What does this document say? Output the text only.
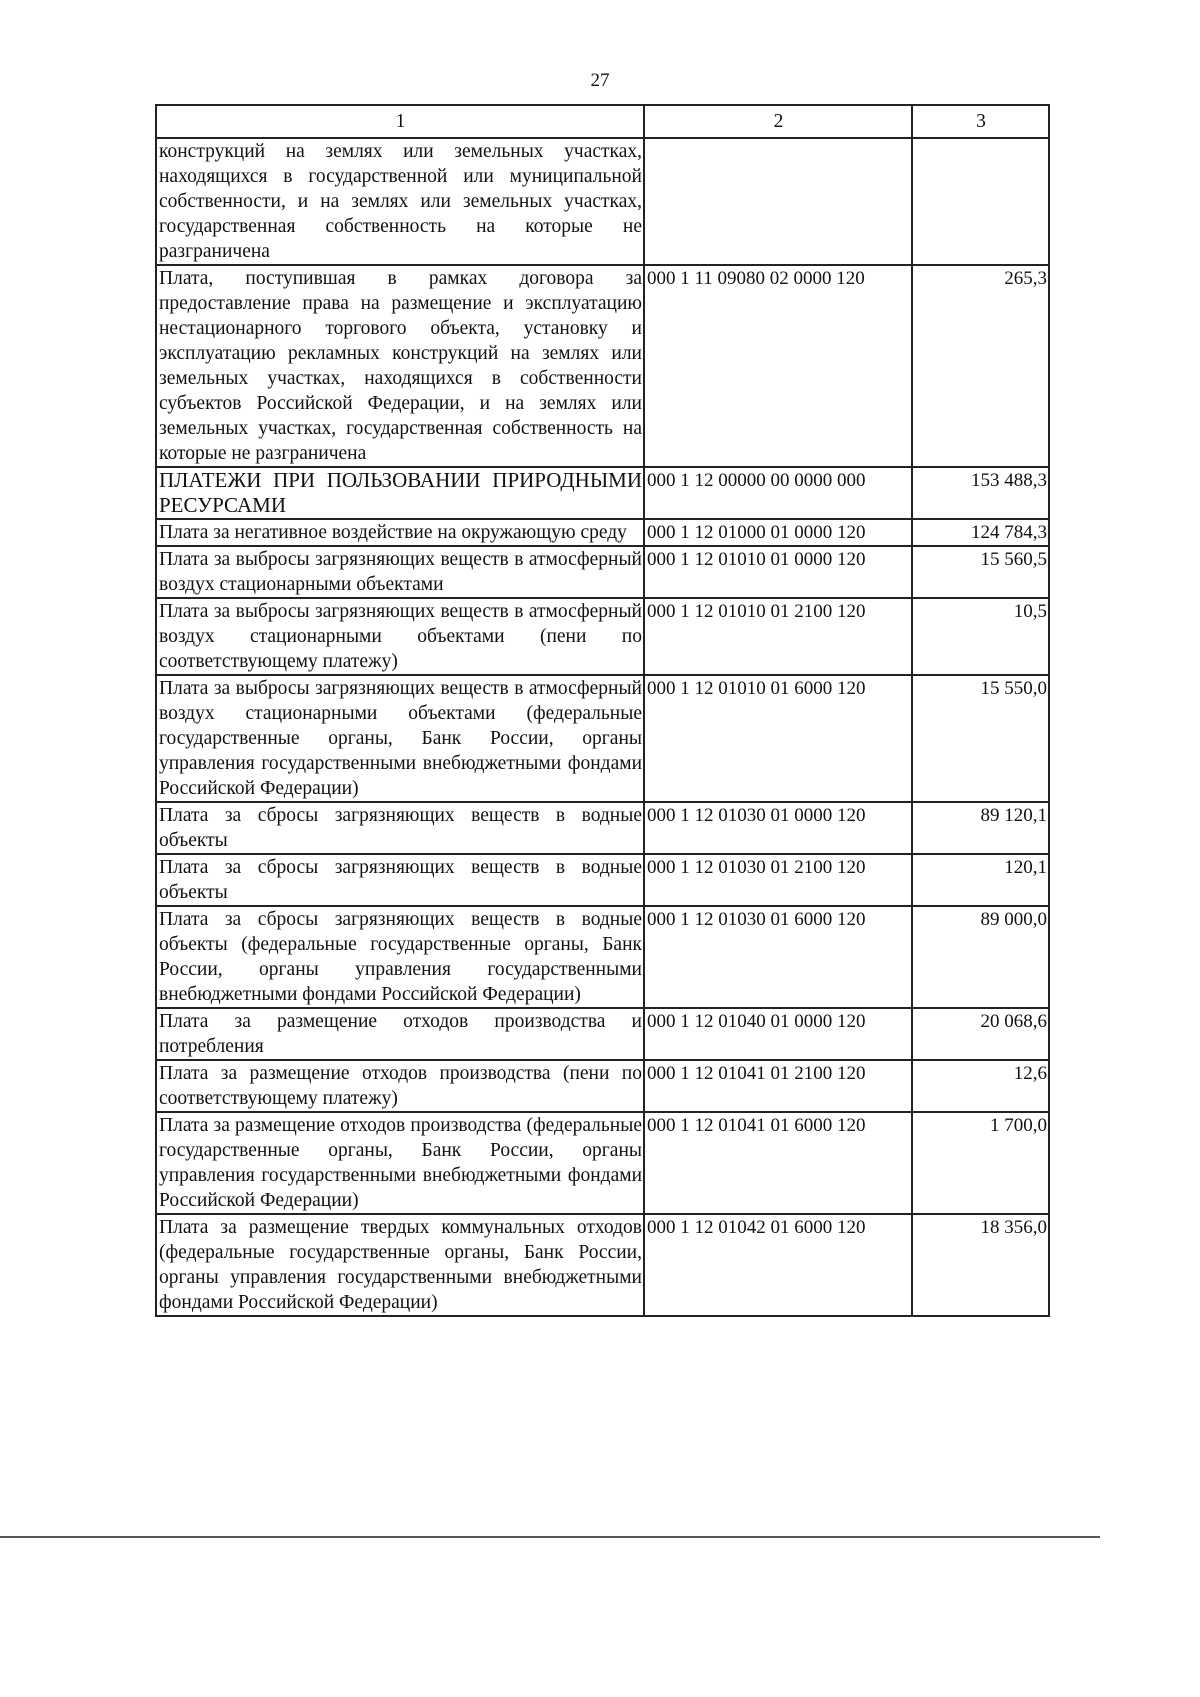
27
1	2	3
конструкций на землях или земельных участках, находящихся в государственной или муниципальной собственности, и на землях или земельных участках, государственная собственность на которые не разграничена		
Плата, поступившая в рамках договора за предоставление права на размещение и эксплуатацию нестационарного торгового объекта, установку и эксплуатацию рекламных конструкций на землях или земельных участках, находящихся в собственности субъектов Российской Федерации, и на землях или земельных участках, государственная собственность на которые не разграничена	000 1 11 09080 02 0000 120	265,3
ПЛАТЕЖИ ПРИ ПОЛЬЗОВАНИИ ПРИРОДНЫМИ РЕСУРСАМИ	000 1 12 00000 00 0000 000	153 488,3
Плата за негативное воздействие на окружающую среду	000 1 12 01000 01 0000 120	124 784,3
Плата за выбросы загрязняющих веществ в атмосферный воздух стационарными объектами	000 1 12 01010 01 0000 120	15 560,5
Плата за выбросы загрязняющих веществ в атмосферный воздух стационарными объектами (пени по соответствующему платежу)	000 1 12 01010 01 2100 120	10,5
Плата за выбросы загрязняющих веществ в атмосферный воздух стационарными объектами (федеральные государственные органы, Банк России, органы управления государственными внебюджетными фондами Российской Федерации)	000 1 12 01010 01 6000 120	15 550,0
Плата за сбросы загрязняющих веществ в водные объекты	000 1 12 01030 01 0000 120	89 120,1
Плата за сбросы загрязняющих веществ в водные объекты	000 1 12 01030 01 2100 120	120,1
Плата за сбросы загрязняющих веществ в водные объекты (федеральные государственные органы, Банк России, органы управления государственными внебюджетными фондами Российской Федерации)	000 1 12 01030 01 6000 120	89 000,0
Плата за размещение отходов производства и потребления	000 1 12 01040 01 0000 120	20 068,6
Плата за размещение отходов производства (пени по соответствующему платежу)	000 1 12 01041 01 2100 120	12,6
Плата за размещение отходов производства (федеральные государственные органы, Банк России, органы управления государственными внебюджетными фондами Российской Федерации)	000 1 12 01041 01 6000 120	1 700,0
Плата за размещение твердых коммунальных отходов (федеральные государственные органы, Банк России, органы управления государственными внебюджетными фондами Российской Федерации)	000 1 12 01042 01 6000 120	18 356,0
